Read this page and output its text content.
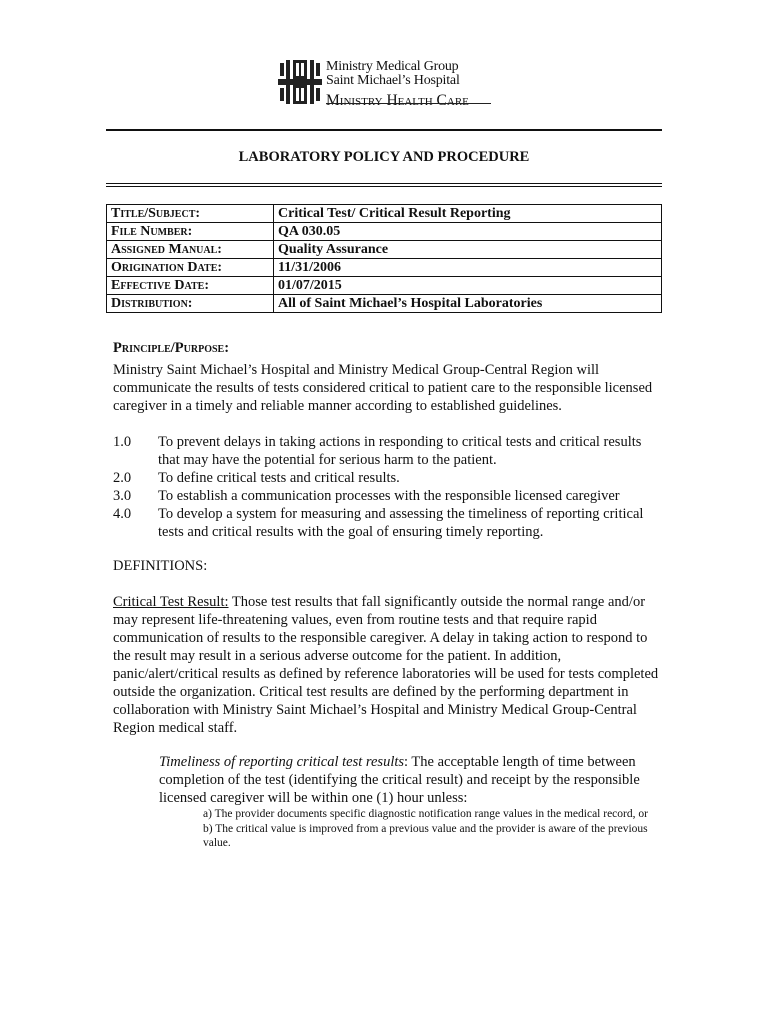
Ministry Medical Group
Saint Michael’s Hospital
Ministry Health Care
LABORATORY POLICY AND PROCEDURE
Title/Subject:	Critical Test/ Critical Result Reporting
File Number:	QA 030.05
Assigned Manual:	Quality Assurance
Origination Date:	11/31/2006
Effective Date:	01/07/2015
Distribution:	All of Saint Michael’s Hospital Laboratories
Principle/Purpose:
Ministry Saint Michael’s Hospital and Ministry Medical Group-Central Region will communicate the results of tests considered critical to patient care to the responsible licensed caregiver in a timely and reliable manner according to established guidelines.
1.0	To prevent delays in taking actions in responding to critical tests and critical results that may have the potential for serious harm to the patient.
2.0	To define critical tests and critical results.
3.0	To establish a communication processes with the responsible licensed caregiver
4.0	To develop a system for measuring and assessing the timeliness of reporting critical tests and critical results with the goal of ensuring timely reporting.
DEFINITIONS:
Critical Test Result: Those test results that fall significantly outside the normal range and/or may represent life-threatening values, even from routine tests and that require rapid communication of results to the responsible caregiver. A delay in taking action to respond to the result may result in a serious adverse outcome for the patient. In addition, panic/alert/critical results as defined by reference laboratories will be used for tests completed outside the organization. Critical test results are defined by the performing department in collaboration with Ministry Saint Michael’s Hospital and Ministry Medical Group-Central Region medical staff.
Timeliness of reporting critical test results: The acceptable length of time between completion of the test (identifying the critical result) and receipt by the responsible licensed caregiver will be within one (1) hour unless:
a) The provider documents specific diagnostic notification range values in the medical record, or
b) The critical value is improved from a previous value and the provider is aware of the previous value.
